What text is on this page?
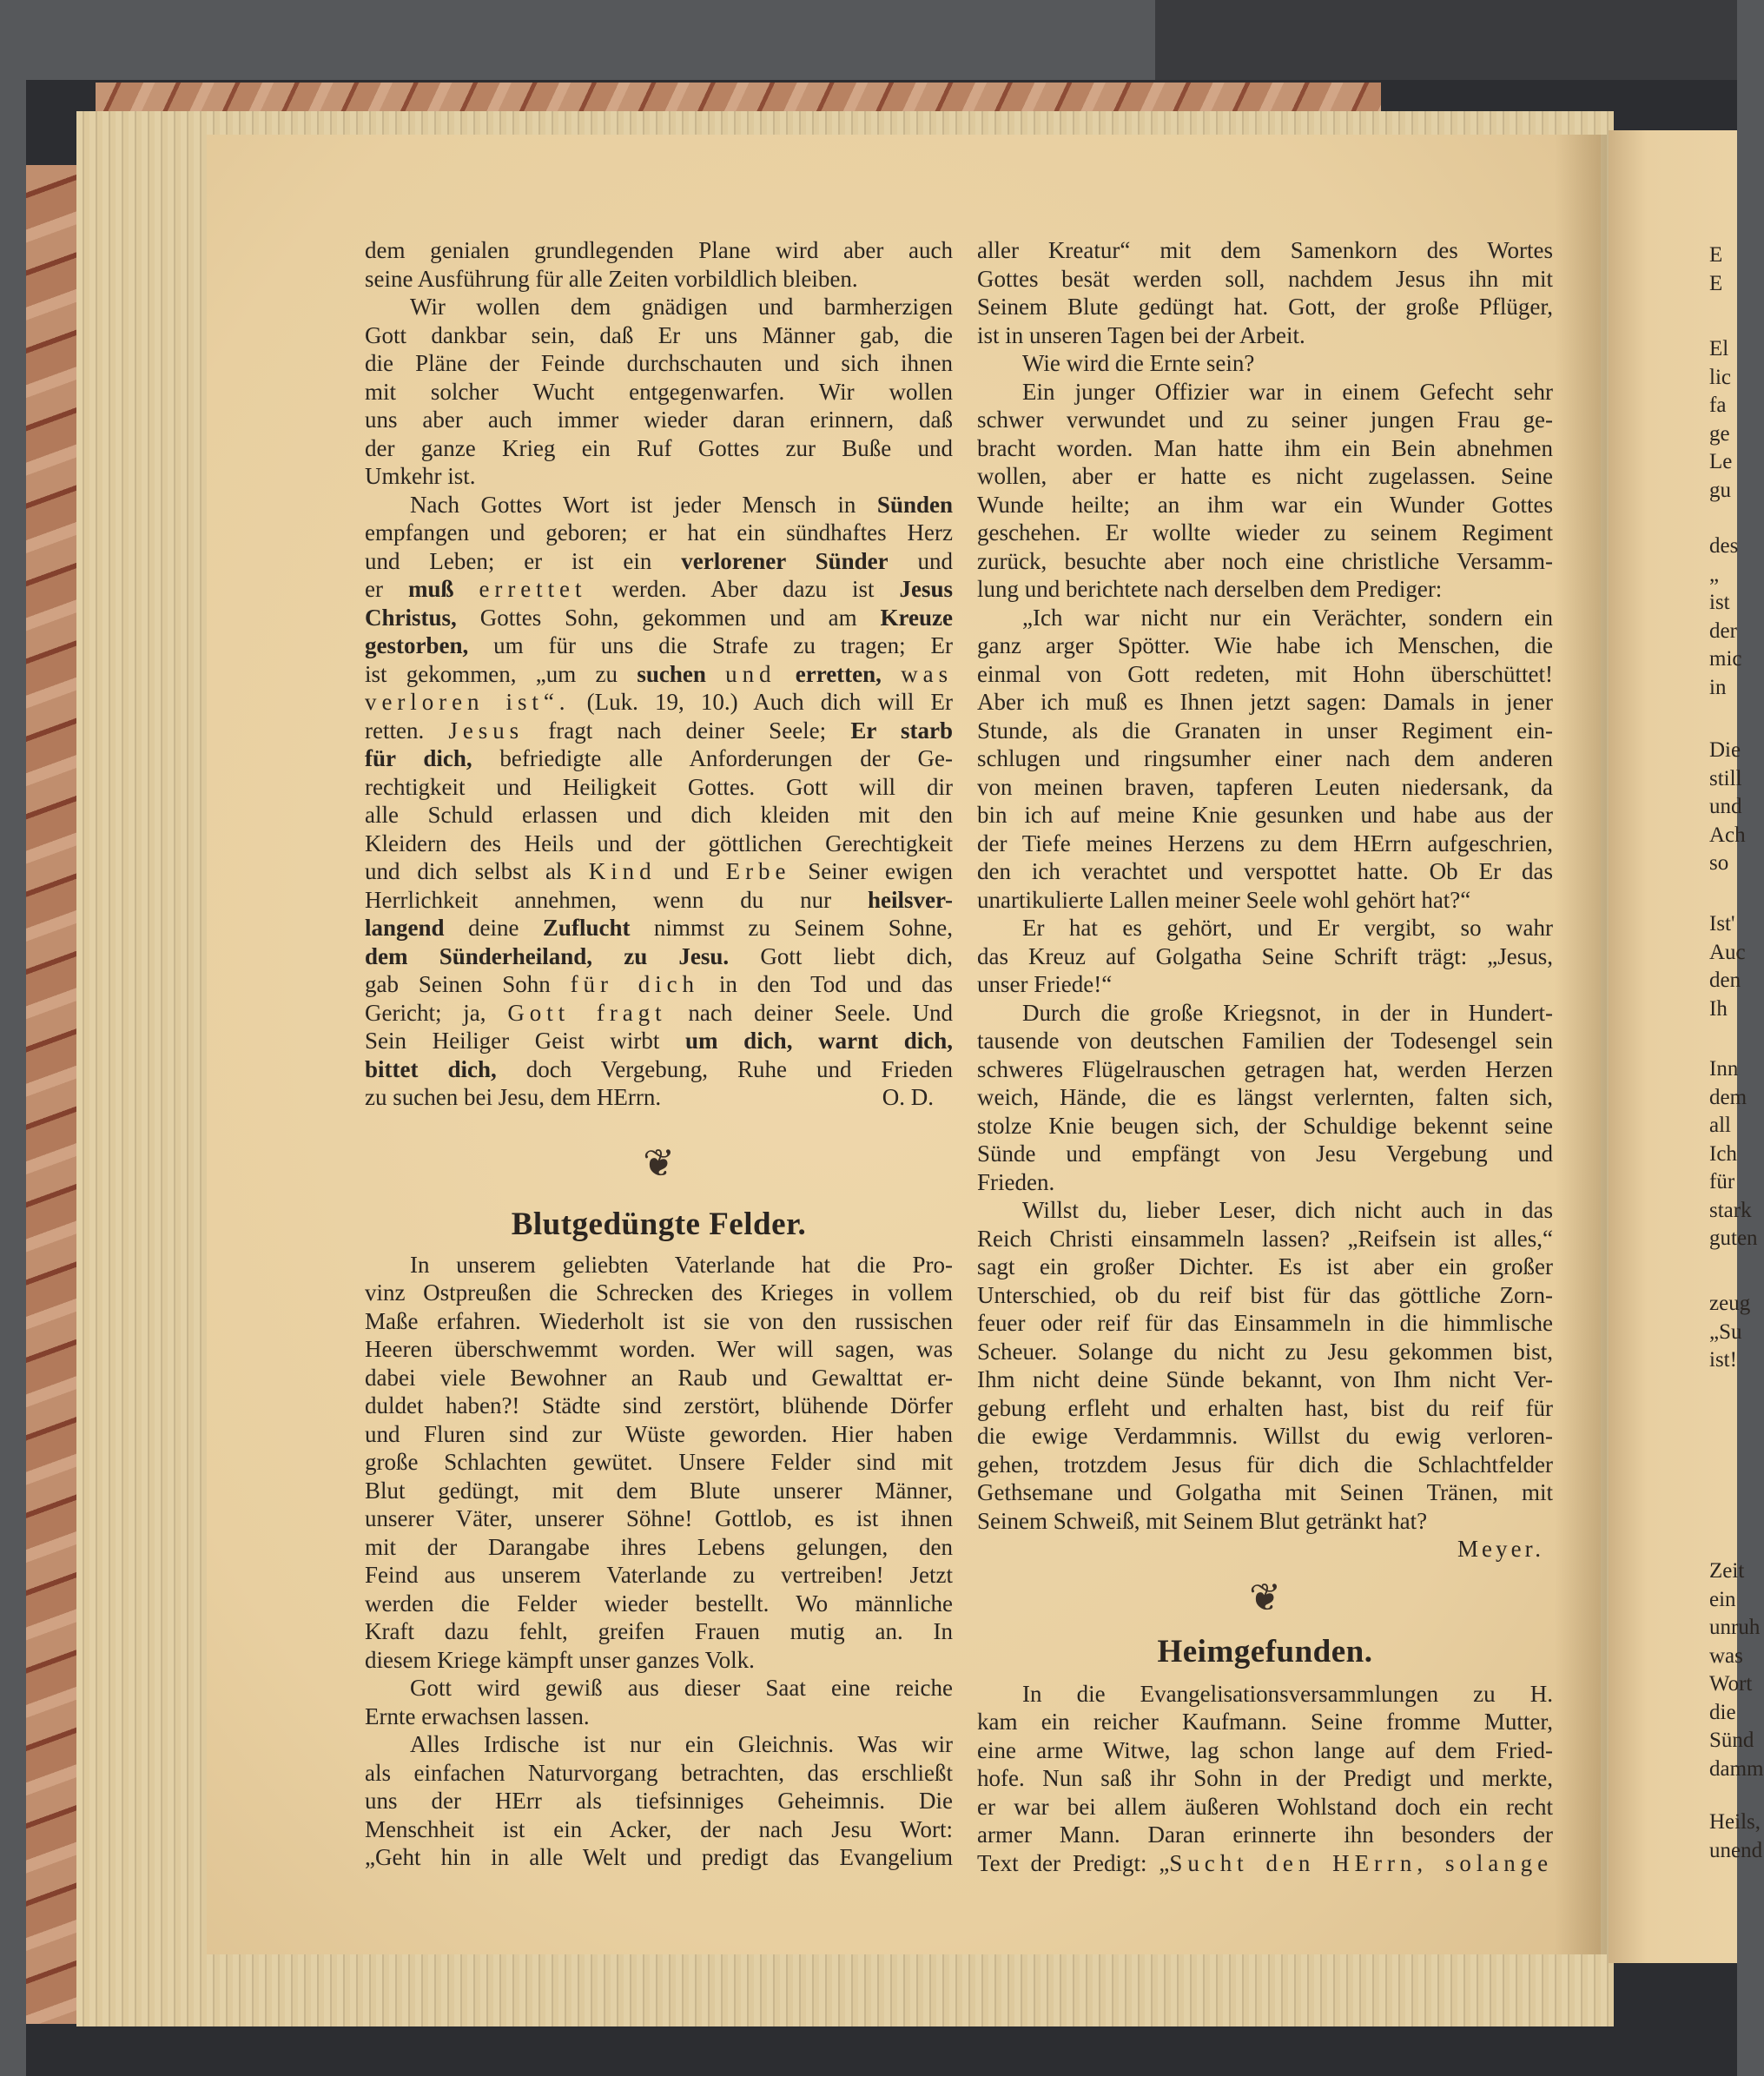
dem genialen grundlegenden Plane wird aber auch
seine Ausführung für alle Zeiten vorbildlich bleiben.
Wir wollen dem gnädigen und barmherzigen
Gott dankbar sein, daß Er uns Männer gab, die
die Pläne der Feinde durchschauten und sich ihnen
mit solcher Wucht entgegenwarfen. Wir wollen
uns aber auch immer wieder daran erinnern, daß
der ganze Krieg ein Ruf Gottes zur Buße und
Umkehr ist.
Nach Gottes Wort ist jeder Mensch in Sünden
empfangen und geboren; er hat ein sündhaftes Herz
und Leben; er ist ein verlorener Sünder und
er muß errettet werden. Aber dazu ist Jesus
Christus, Gottes Sohn, gekommen und am Kreuze
gestorben, um für uns die Strafe zu tragen; Er
ist gekommen, „um zu suchen und erretten, was
verloren ist“. (Luk. 19, 10.) Auch dich will Er
retten. Jesus fragt nach deiner Seele; Er starb
für dich, befriedigte alle Anforderungen der Ge-
rechtigkeit und Heiligkeit Gottes. Gott will dir
alle Schuld erlassen und dich kleiden mit den
Kleidern des Heils und der göttlichen Gerechtigkeit
und dich selbst als Kind und Erbe Seiner ewigen
Herrlichkeit annehmen, wenn du nur heilsver-
langend deine Zuflucht nimmst zu Seinem Sohne,
dem Sünderheiland, zu Jesu. Gott liebt dich,
gab Seinen Sohn für dich in den Tod und das
Gericht; ja, Gott fragt nach deiner Seele. Und
Sein Heiliger Geist wirbt um dich, warnt dich,
bittet dich, doch Vergebung, Ruhe und Frieden
zu suchen bei Jesu, dem HErrn.	O. D.
❦
Blutgedüngte Felder.
In unserem geliebten Vaterlande hat die Pro-
vinz Ostpreußen die Schrecken des Krieges in vollem
Maße erfahren. Wiederholt ist sie von den russischen
Heeren überschwemmt worden. Wer will sagen, was
dabei viele Bewohner an Raub und Gewalttat er-
duldet haben?! Städte sind zerstört, blühende Dörfer
und Fluren sind zur Wüste geworden. Hier haben
große Schlachten gewütet. Unsere Felder sind mit
Blut gedüngt, mit dem Blute unserer Männer,
unserer Väter, unserer Söhne! Gottlob, es ist ihnen
mit der Darangabe ihres Lebens gelungen, den
Feind aus unserem Vaterlande zu vertreiben! Jetzt
werden die Felder wieder bestellt. Wo männliche
Kraft dazu fehlt, greifen Frauen mutig an. In
diesem Kriege kämpft unser ganzes Volk.
Gott wird gewiß aus dieser Saat eine reiche
Ernte erwachsen lassen.
Alles Irdische ist nur ein Gleichnis. Was wir
als einfachen Naturvorgang betrachten, das erschließt
uns der HErr als tiefsinniges Geheimnis. Die
Menschheit ist ein Acker, der nach Jesu Wort:
„Geht hin in alle Welt und predigt das Evangelium
aller Kreatur“ mit dem Samenkorn des Wortes
Gottes besät werden soll, nachdem Jesus ihn mit
Seinem Blute gedüngt hat. Gott, der große Pflüger,
ist in unseren Tagen bei der Arbeit.
Wie wird die Ernte sein?
Ein junger Offizier war in einem Gefecht sehr
schwer verwundet und zu seiner jungen Frau ge-
bracht worden. Man hatte ihm ein Bein abnehmen
wollen, aber er hatte es nicht zugelassen. Seine
Wunde heilte; an ihm war ein Wunder Gottes
geschehen. Er wollte wieder zu seinem Regiment
zurück, besuchte aber noch eine christliche Versamm-
lung und berichtete nach derselben dem Prediger:
„Ich war nicht nur ein Verächter, sondern ein
ganz arger Spötter. Wie habe ich Menschen, die
einmal von Gott redeten, mit Hohn überschüttet!
Aber ich muß es Ihnen jetzt sagen: Damals in jener
Stunde, als die Granaten in unser Regiment ein-
schlugen und ringsumher einer nach dem anderen
von meinen braven, tapferen Leuten niedersank, da
bin ich auf meine Knie gesunken und habe aus der
der Tiefe meines Herzens zu dem HErrn aufgeschrien,
den ich verachtet und verspottet hatte. Ob Er das
unartikulierte Lallen meiner Seele wohl gehört hat?“
Er hat es gehört, und Er vergibt, so wahr
das Kreuz auf Golgatha Seine Schrift trägt: „Jesus,
unser Friede!“
Durch die große Kriegsnot, in der in Hundert-
tausende von deutschen Familien der Todesengel sein
schweres Flügelrauschen getragen hat, werden Herzen
weich, Hände, die es längst verlernten, falten sich,
stolze Knie beugen sich, der Schuldige bekennt seine
Sünde und empfängt von Jesu Vergebung und
Frieden.
Willst du, lieber Leser, dich nicht auch in das
Reich Christi einsammeln lassen? „Reifsein ist alles,“
sagt ein großer Dichter. Es ist aber ein großer
Unterschied, ob du reif bist für das göttliche Zorn-
feuer oder reif für das Einsammeln in die himmlische
Scheuer. Solange du nicht zu Jesu gekommen bist,
Ihm nicht deine Sünde bekannt, von Ihm nicht Ver-
gebung erfleht und erhalten hast, bist du reif für
die ewige Verdammnis. Willst du ewig verloren-
gehen, trotzdem Jesus für dich die Schlachtfelder
Gethsemane und Golgatha mit Seinen Tränen, mit
Seinem Schweiß, mit Seinem Blut getränkt hat?
Meyer.
❦
Heimgefunden.
In die Evangelisationsversammlungen zu H.
kam ein reicher Kaufmann. Seine fromme Mutter,
eine arme Witwe, lag schon lange auf dem Fried-
hofe. Nun saß ihr Sohn in der Predigt und merkte,
er war bei allem äußeren Wohlstand doch ein recht
armer Mann. Daran erinnerte ihn besonders der
Text der Predigt: „Sucht den HErrn, solange
E
E
El
lic
fa
ge
Le
gu
des
„
ist
der
mic
in
Die
still
und
Ach
so
Ist'
Auc
den
Ih
Inn
dem
all
Ich
für
stark
guten
zeug
„Su
ist!
Zeit
ein
unruh
was
Wort
die
Sünd
damm
Heils,
unend
